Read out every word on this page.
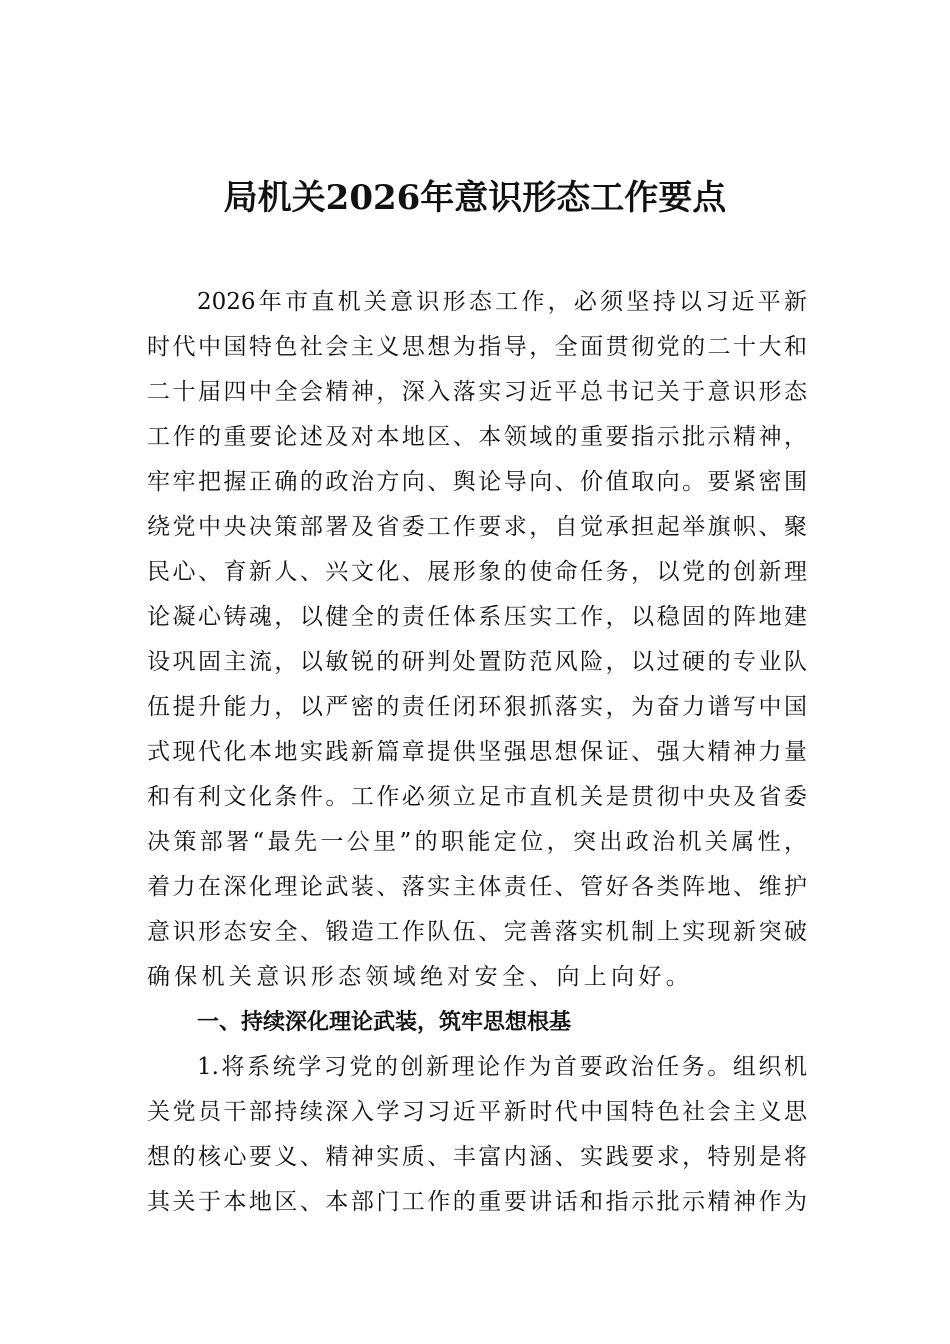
局机关2026年意识形态工作要点
2026年市直机关意识形态工作，必须坚持以习近平新
时代中国特色社会主义思想为指导，全面贯彻党的二十大和
二十届四中全会精神，深入落实习近平总书记关于意识形态
工作的重要论述及对本地区、本领域的重要指示批示精神，
牢牢把握正确的政治方向、舆论导向、价值取向。要紧密围
绕党中央决策部署及省委工作要求，自觉承担起举旗帜、聚
民心、育新人、兴文化、展形象的使命任务，以党的创新理
论凝心铸魂，以健全的责任体系压实工作，以稳固的阵地建
设巩固主流，以敏锐的研判处置防范风险，以过硬的专业队
伍提升能力，以严密的责任闭环狠抓落实，为奋力谱写中国
式现代化本地实践新篇章提供坚强思想保证、强大精神力量
和有利文化条件。工作必须立足市直机关是贯彻中央及省委
决策部署“最先一公里”的职能定位，突出政治机关属性，
着力在深化理论武装、落实主体责任、管好各类阵地、维护
意识形态安全、锻造工作队伍、完善落实机制上实现新突破
确保机关意识形态领域绝对安全、向上向好。
一、持续深化理论武装，筑牢思想根基
1.将系统学习党的创新理论作为首要政治任务。组织机
关党员干部持续深入学习习近平新时代中国特色社会主义思
想的核心要义、精神实质、丰富内涵、实践要求，特别是将
其关于本地区、本部门工作的重要讲话和指示批示精神作为
